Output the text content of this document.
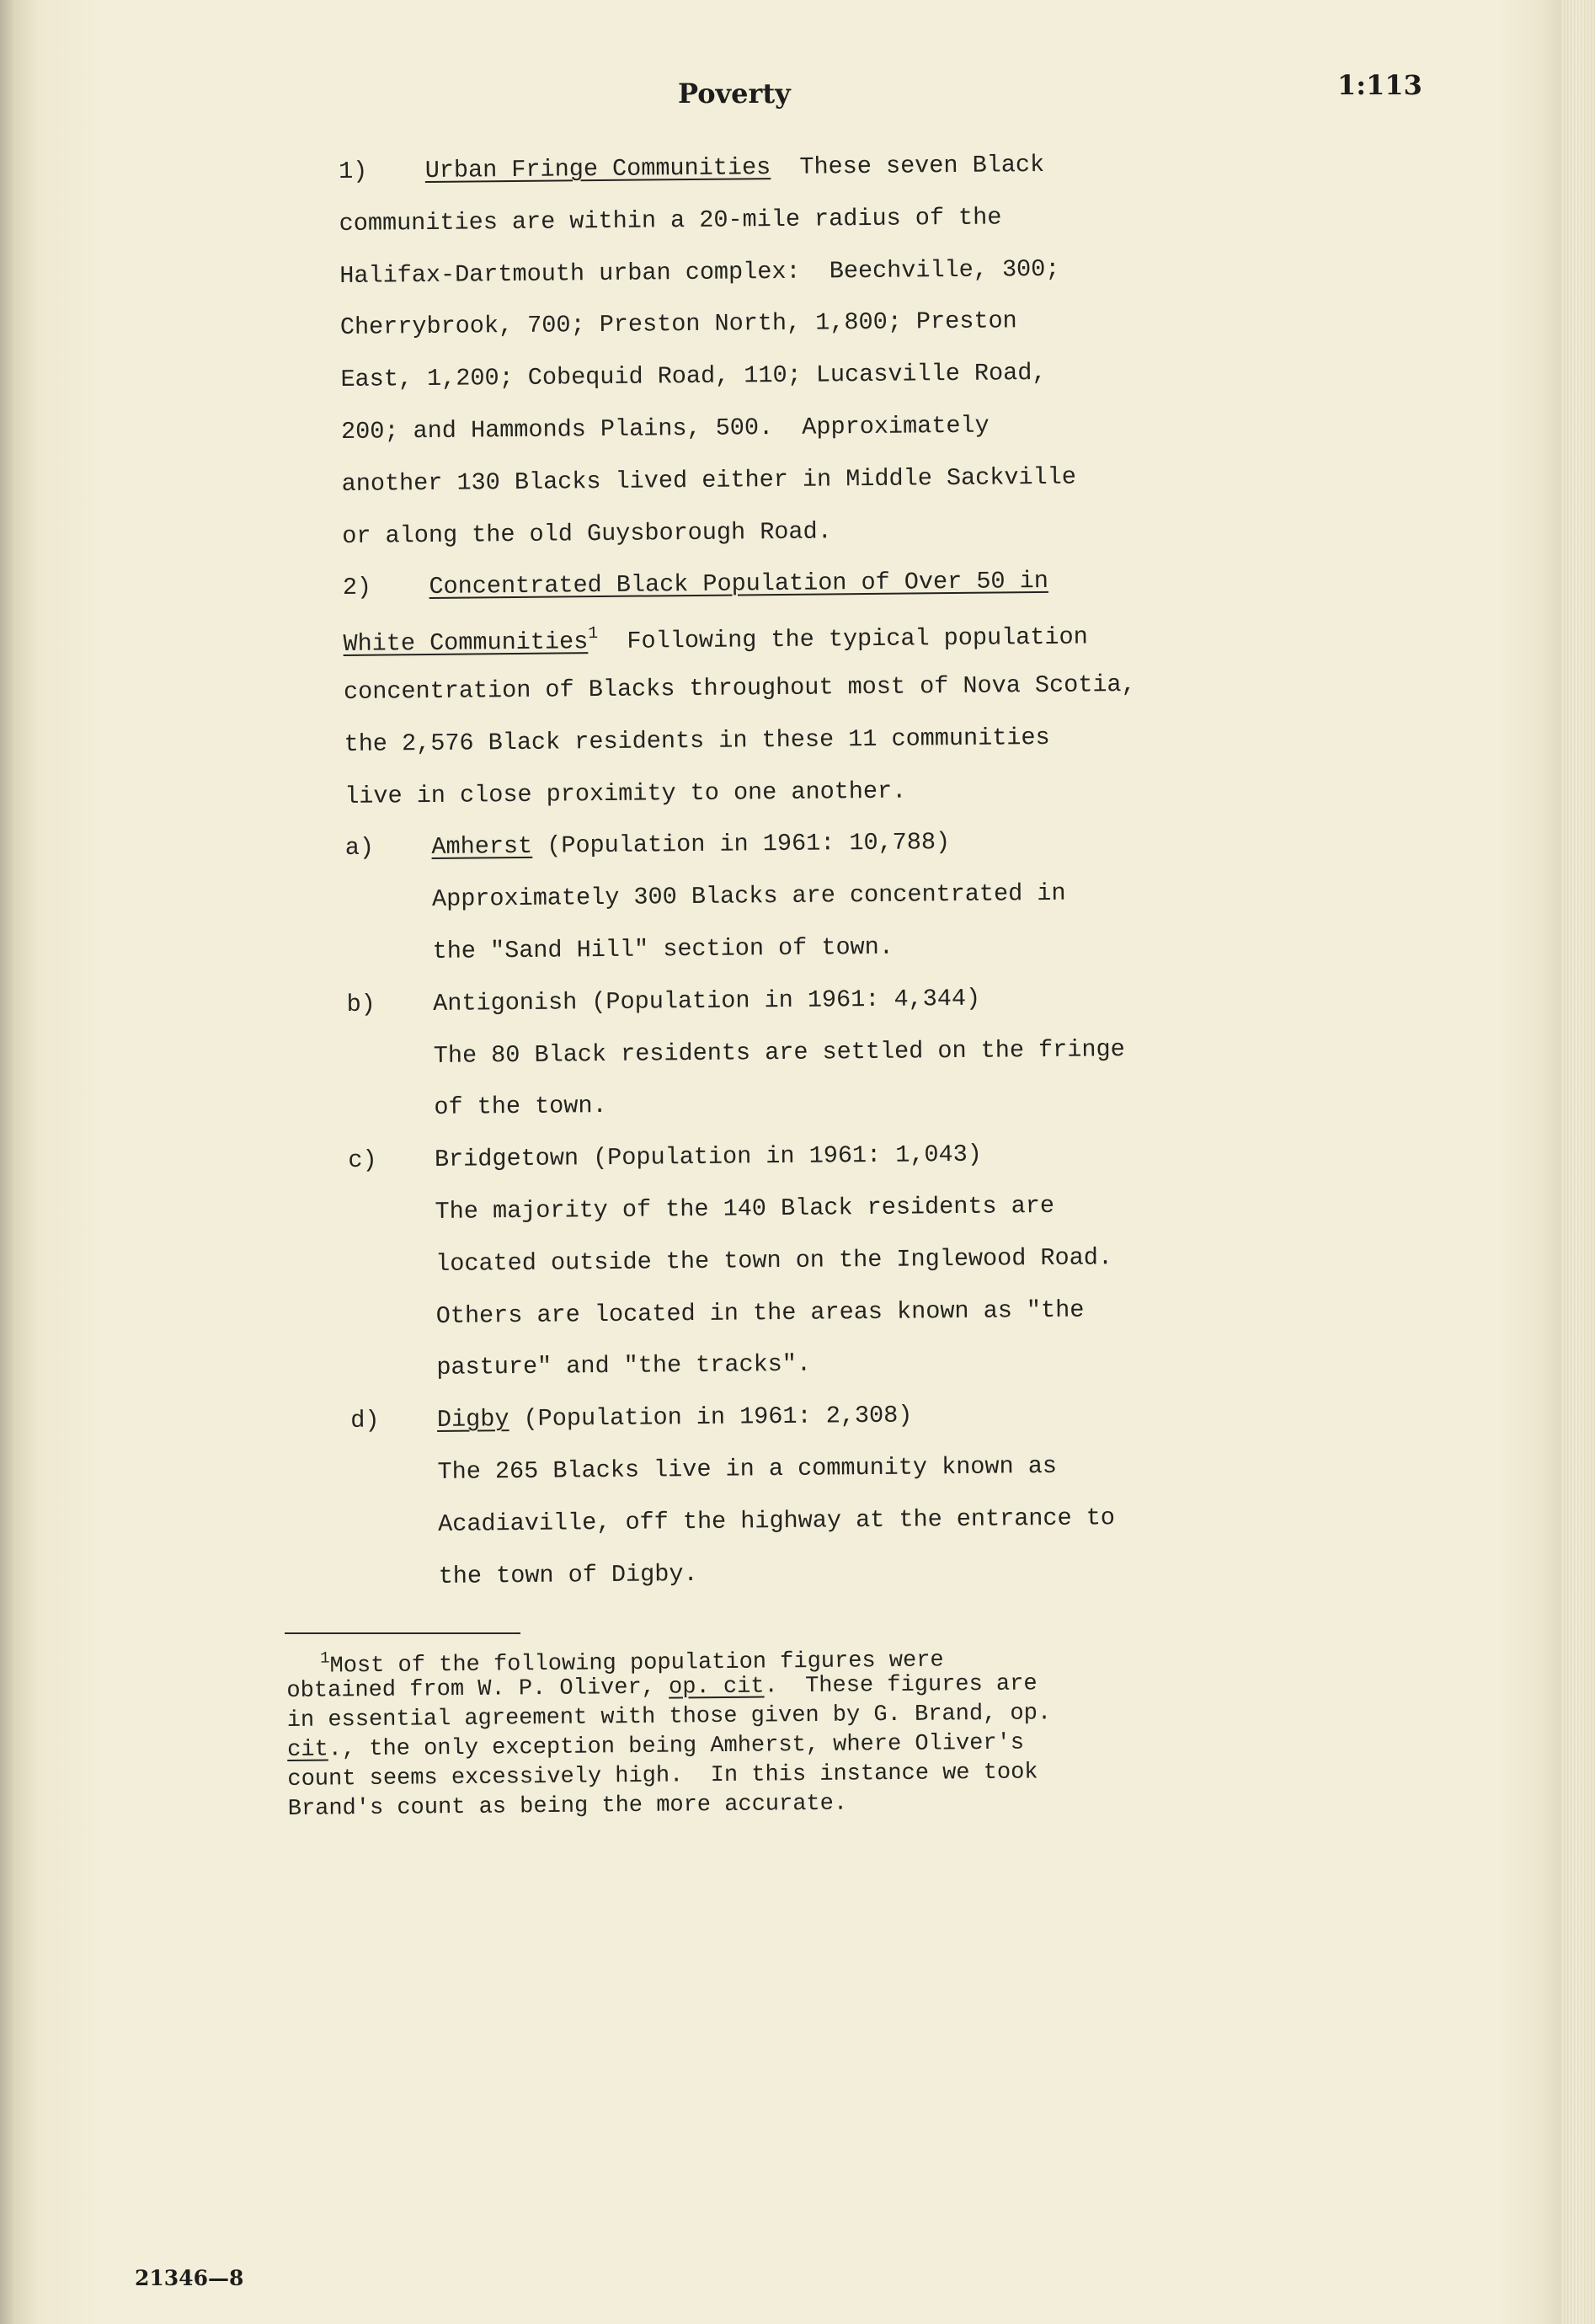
Poverty	1:113
1)    Urban Fringe Communities  These seven Black
communities are within a 20-mile radius of the
Halifax-Dartmouth urban complex:  Beechville, 300;
Cherrybrook, 700; Preston North, 1,800; Preston
East, 1,200; Cobequid Road, 110; Lucasville Road,
200; and Hammonds Plains, 500.  Approximately
another 130 Blacks lived either in Middle Sackville
or along the old Guysborough Road.
2)    Concentrated Black Population of Over 50 in
White Communities$^1$  Following the typical population
concentration of Blacks throughout most of Nova Scotia,
the 2,576 Black residents in these 11 communities
live in close proximity to one another.
a)    Amherst (Population in 1961: 10,788)
Approximately 300 Blacks are concentrated in
the "Sand Hill" section of town.
b)    Antigonish (Population in 1961: 4,344)
The 80 Black residents are settled on the fringe
of the town.
c)    Bridgetown (Population in 1961: 1,043)
The majority of the 140 Black residents are
located outside the town on the Inglewood Road.
Others are located in the areas known as "the
pasture" and "the tracks".
d)    Digby (Population in 1961: 2,308)
The 265 Blacks live in a community known as
Acadiaville, off the highway at the entrance to
the town of Digby.
$^1$Most of the following population figures were
obtained from W. P. Oliver, op. cit.  These figures are
in essential agreement with those given by G. Brand, op.
cit., the only exception being Amherst, where Oliver's
count seems excessively high.  In this instance we took
Brand's count as being the more accurate.
21346—8
